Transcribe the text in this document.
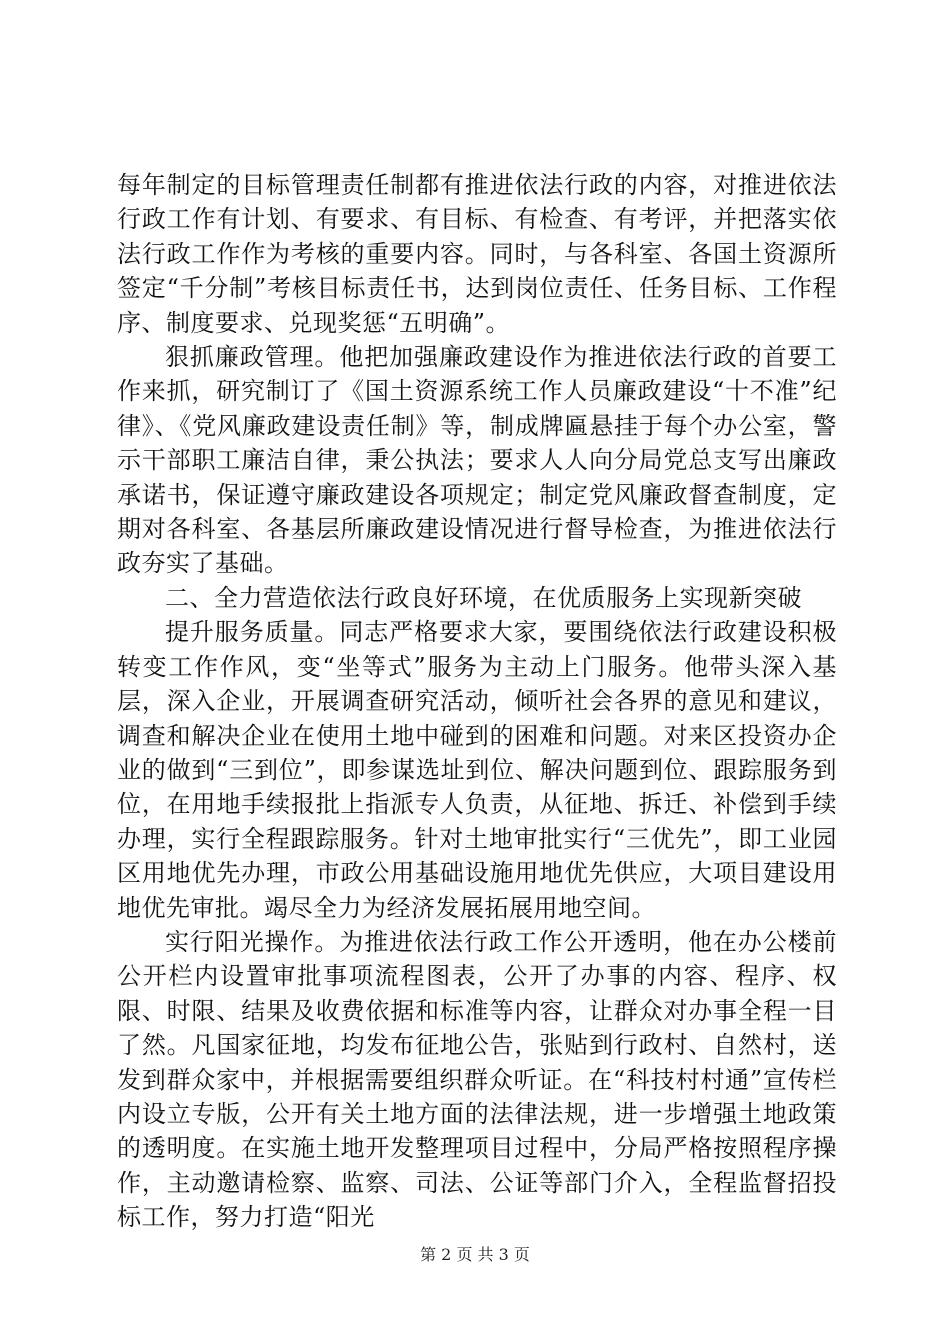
每年制定的目标管理责任制都有推进依法行政的内容，对推进依法行政工作有计划、有要求、有目标、有检查、有考评，并把落实依法行政工作作为考核的重要内容。同时，与各科室、各国土资源所签定“千分制”考核目标责任书，达到岗位责任、任务目标、工作程序、制度要求、兑现奖惩“五明确”。

狠抓廉政管理。他把加强廉政建设作为推进依法行政的首要工作来抓，研究制订了《国土资源系统工作人员廉政建设“十不准”纪律》、《党风廉政建设责任制》等，制成牌匾悬挂于每个办公室，警示干部职工廉洁自律，秉公执法；要求人人向分局党总支写出廉政承诺书，保证遵守廉政建设各项规定；制定党风廉政督查制度，定期对各科室、各基层所廉政建设情况进行督导检查，为推进依法行政夯实了基础。

二、全力营造依法行政良好环境，在优质服务上实现新突破

提升服务质量。同志严格要求大家，要围绕依法行政建设积极转变工作作风，变“坐等式”服务为主动上门服务。他带头深入基层，深入企业，开展调查研究活动，倾听社会各界的意见和建议，调查和解决企业在使用土地中碰到的困难和问题。对来区投资办企业的做到“三到位”，即参谋选址到位、解决问题到位、跟踪服务到位，在用地手续报批上指派专人负责，从征地、拆迁、补偿到手续办理，实行全程跟踪服务。针对土地审批实行“三优先”，即工业园区用地优先办理，市政公用基础设施用地优先供应，大项目建设用地优先审批。竭尽全力为经济发展拓展用地空间。

实行阳光操作。为推进依法行政工作公开透明，他在办公楼前公开栏内设置审批事项流程图表，公开了办事的内容、程序、权限、时限、结果及收费依据和标准等内容，让群众对办事全程一目了然。凡国家征地，均发布征地公告，张贴到行政村、自然村，送发到群众家中，并根据需要组织群众听证。在“科技村村通”宣传栏内设立专版，公开有关土地方面的法律法规，进一步增强土地政策的透明度。在实施土地开发整理项目过程中，分局严格按照程序操作，主动邀请检察、监察、司法、公证等部门介入，全程监督招投标工作，努力打造“阳光

第 2 页 共 3 页
